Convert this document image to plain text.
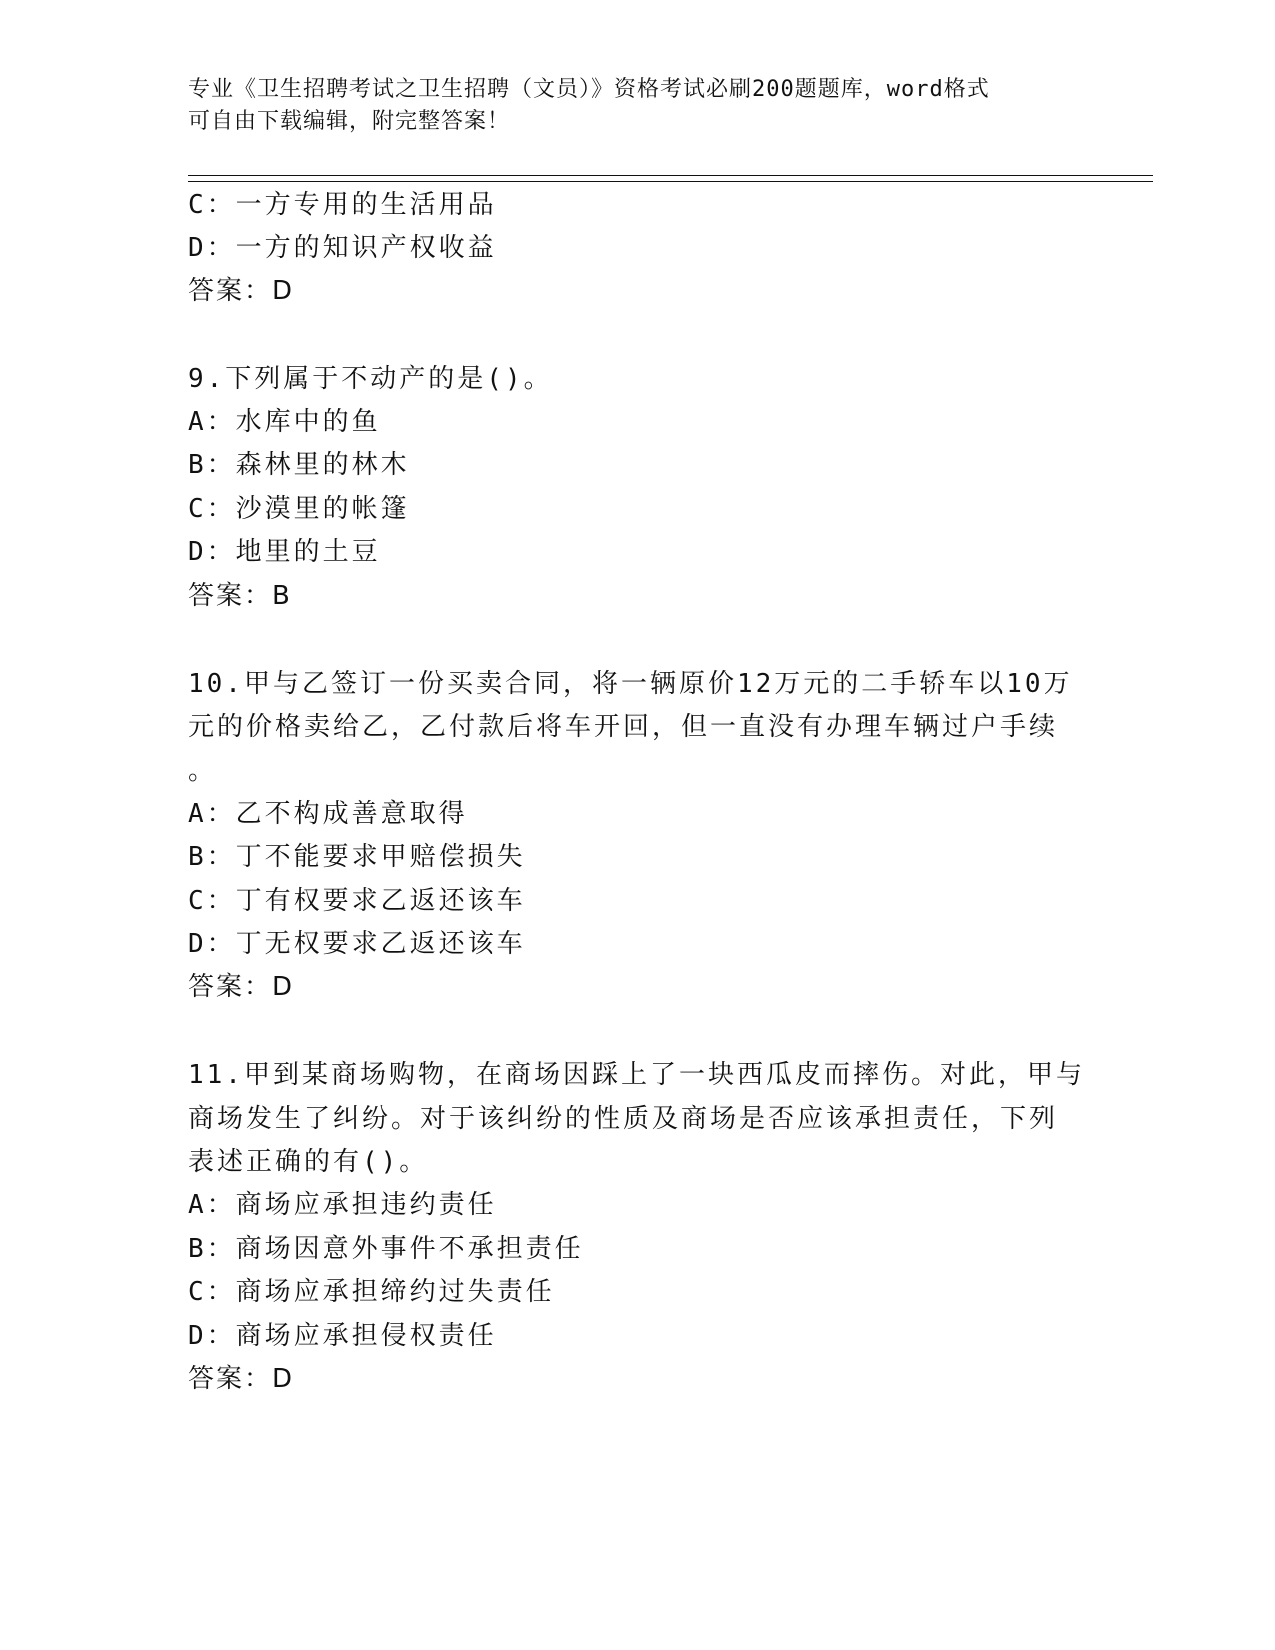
专业《卫生招聘考试之卫生招聘（文员）》资格考试必刷200题题库，word格式
可自由下载编辑，附完整答案！
C：一方专用的生活用品
D：一方的知识产权收益
答案：D
9.下列属于不动产的是()。
A：水库中的鱼
B：森林里的林木
C：沙漠里的帐篷
D：地里的土豆
答案：B
10.甲与乙签订一份买卖合同，将一辆原价12万元的二手轿车以10万
元的价格卖给乙，乙付款后将车开回，但一直没有办理车辆过户手续
。
A：乙不构成善意取得
B：丁不能要求甲赔偿损失
C：丁有权要求乙返还该车
D：丁无权要求乙返还该车
答案：D
11.甲到某商场购物，在商场因踩上了一块西瓜皮而摔伤。对此，甲与
商场发生了纠纷。对于该纠纷的性质及商场是否应该承担责任，下列
表述正确的有()。
A：商场应承担违约责任
B：商场因意外事件不承担责任
C：商场应承担缔约过失责任
D：商场应承担侵权责任
答案：D
